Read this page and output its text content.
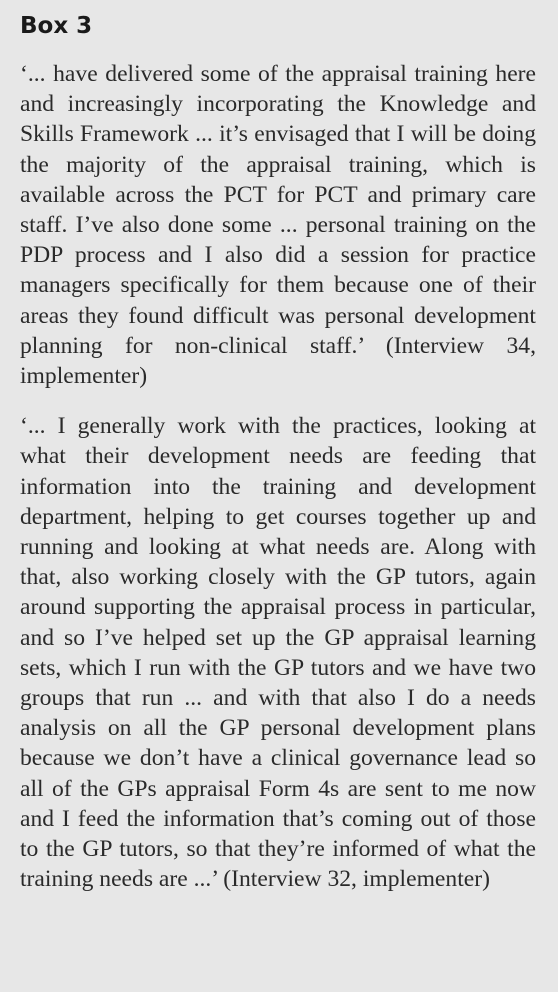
Box 3

‘... have delivered some of the appraisal training here and increasingly incorporating the Knowledge and Skills Framework ... it’s envisaged that I will be doing the majority of the appraisal training, which is available across the PCT for PCT and primary care staff. I’ve also done some ... personal training on the PDP process and I also did a session for practice managers specifically for them because one of their areas they found difficult was personal development planning for non-clinical staff.’ (Interview 34, implementer)

‘... I generally work with the practices, looking at what their development needs are feeding that information into the training and development department, helping to get courses together up and running and looking at what needs are. Along with that, also working closely with the GP tutors, again around supporting the appraisal process in particular, and so I’ve helped set up the GP appraisal learning sets, which I run with the GP tutors and we have two groups that run ... and with that also I do a needs analysis on all the GP personal development plans because we don’t have a clinical governance lead so all of the GPs appraisal Form 4s are sent to me now and I feed the information that’s coming out of those to the GP tutors, so that they’re informed of what the training needs are ...’ (Interview 32, implementer)
